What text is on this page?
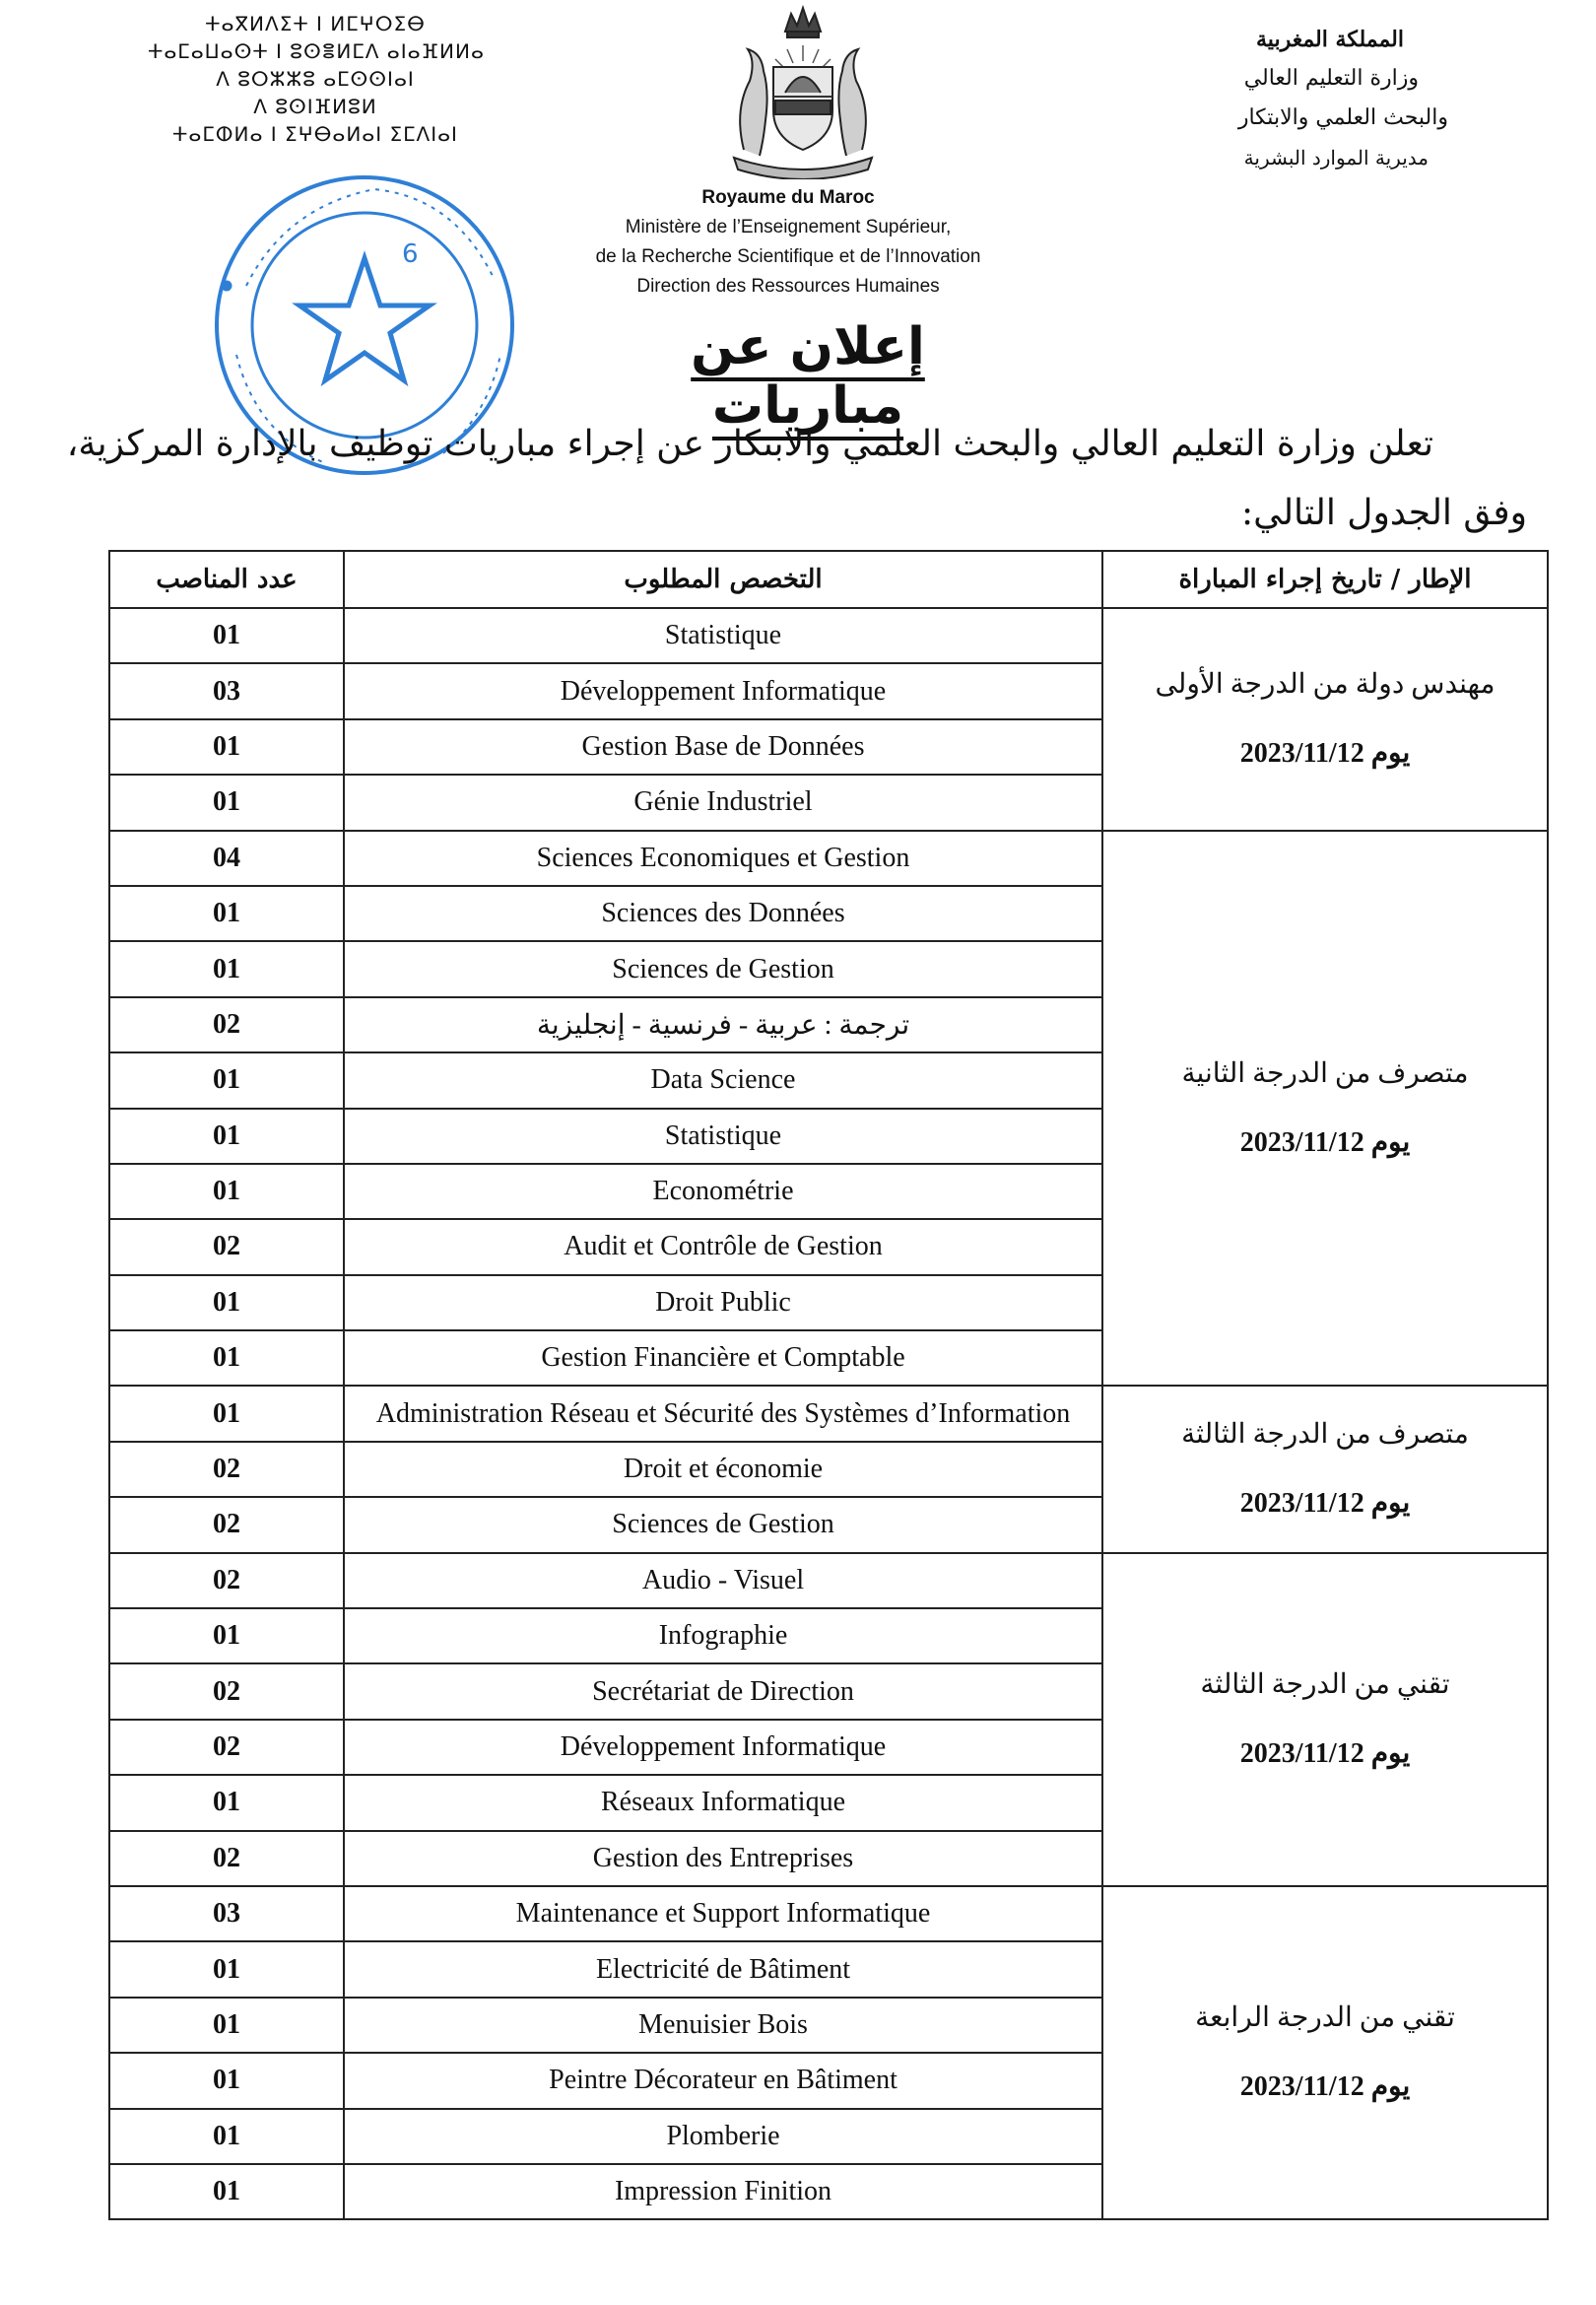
ⵜⴰⴳⵍⴷⵉⵜ ⵏ ⵍⵎⵖⵔⵉⴱ
ⵜⴰⵎⴰⵡⴰⵙⵜ ⵏ ⵓⵙⴻⵍⵎⴷ ⴰⵏⴰⴼⵍⵍⴰ
ⴷ ⵓⵔⵣⵣⵓ ⴰⵎⵙⵙⵏⴰⵏ
ⴷ ⵓⵙⵏⴼⵍⵓⵍ
ⵜⴰⵎⵀⵍⴰ ⵏ ⵉⵖⴱⴰⵍⴰⵏ ⵉⵎⴷⵏⴰⵏ
المملكة المغربية
وزارة التعليم العالي
والبحث العلمي والابتكار
مديرية الموارد البشرية
Royaume du Maroc
Ministère de l’Enseignement Supérieur,
de la Recherche Scientifique et de l’Innovation
Direction des Ressources Humaines
6
إعلان عن مباريات
تعلن وزارة التعليم العالي والبحث العلمي والابتكار عن إجراء مباريات توظيف بالإدارة المركزية،
وفق الجدول التالي:
عدد المناصب	التخصص المطلوب	الإطار / تاريخ إجراء المباراة
01	Statistique	مهندس دولة من الدرجة الأولى
يوم 2023/11/12

03	Développement Informatique	
01	Gestion Base de Données	
01	Génie Industriel	
04	Sciences Economiques et Gestion	متصرف من الدرجة الثانية
يوم 2023/11/12

01	Sciences des Données	
01	Sciences de Gestion	
02	ترجمة : عربية - فرنسية - إنجليزية	
01	Data Science	
01	Statistique	
01	Econométrie	
02	Audit et Contrôle de Gestion	
01	Droit Public	
01	Gestion Financière et Comptable	
01	Administration Réseau et Sécurité des Systèmes d’Information	متصرف من الدرجة الثالثة
يوم 2023/11/12

02	Droit et économie	
02	Sciences de Gestion	
02	Audio - Visuel	تقني من الدرجة الثالثة
يوم 2023/11/12

01	Infographie	
02	Secrétariat de Direction	
02	Développement Informatique	
01	Réseaux Informatique	
02	Gestion des Entreprises	
03	Maintenance et Support Informatique	تقني من الدرجة الرابعة
يوم 2023/11/12

01	Electricité de Bâtiment	
01	Menuisier Bois	
01	Peintre Décorateur en Bâtiment	
01	Plomberie	
01	Impression Finition	
